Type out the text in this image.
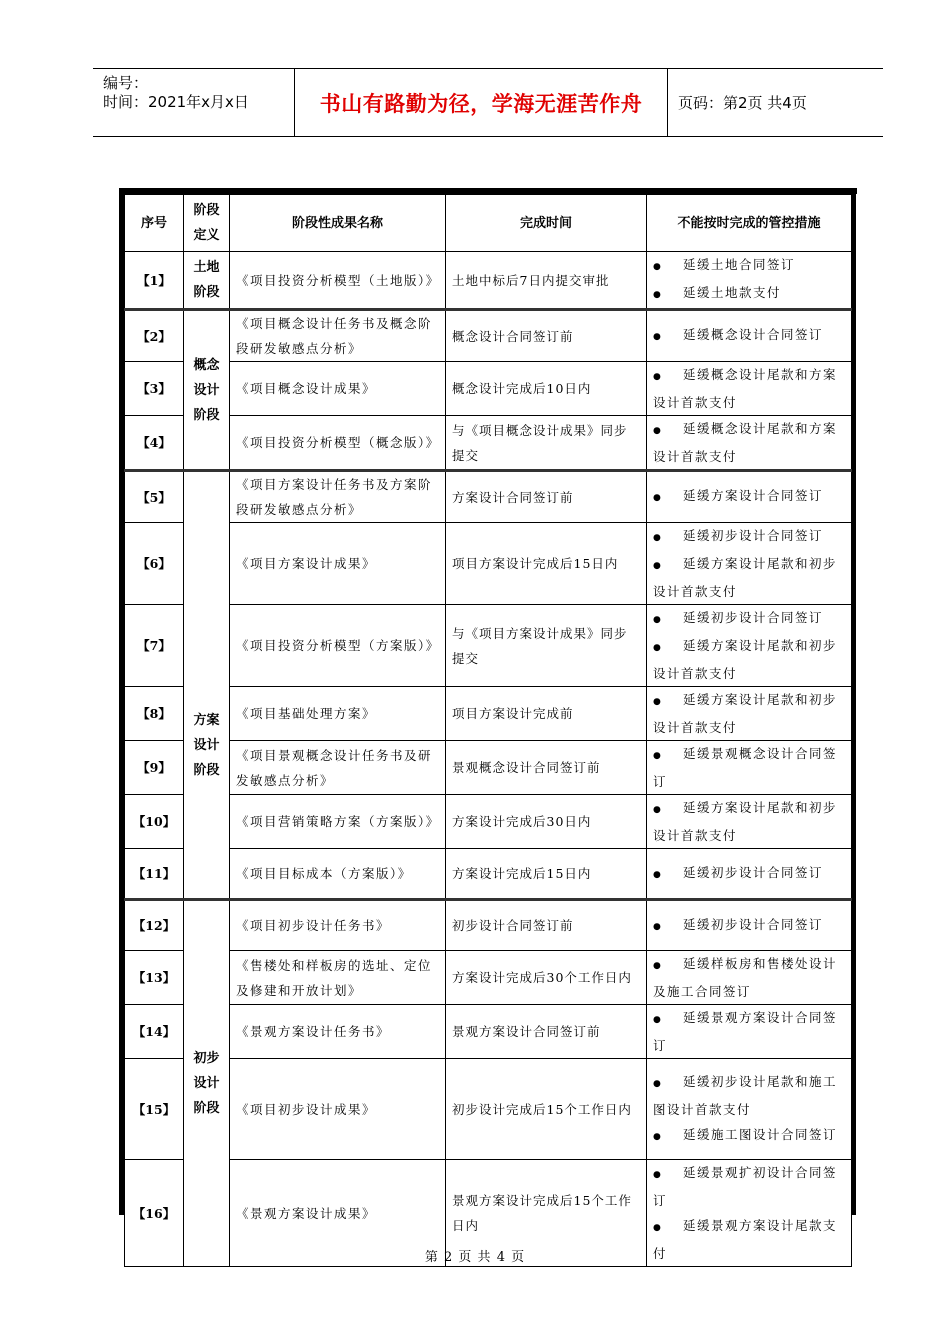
编号：
时间：2021年x月x日	书山有路勤为径，学海无涯苦作舟	页码：第2页 共4页
序号	阶段定义	阶段性成果名称	完成时间	不能按时完成的管控措施
【1】	土地阶段	《项目投资分析模型（土地版）》	土地中标后7日内提交审批	● 延缓土地合同签订
● 延缓土地款支付

【2】	概念设计阶段	《项目概念设计任务书及概念阶段研发敏感点分析》	概念设计合同签订前	● 延缓概念设计合同签订

【3】		《项目概念设计成果》	概念设计完成后10日内	● 延缓概念设计尾款和方案设计首款支付

【4】		《项目投资分析模型（概念版）》	与《项目概念设计成果》同步提交	● 延缓概念设计尾款和方案设计首款支付

【5】	方案设计阶段	《项目方案设计任务书及方案阶段研发敏感点分析》	方案设计合同签订前	● 延缓方案设计合同签订

【6】		《项目方案设计成果》	项目方案设计完成后15日内	● 延缓初步设计合同签订
● 延缓方案设计尾款和初步设计首款支付

【7】		《项目投资分析模型（方案版）》	与《项目方案设计成果》同步提交	● 延缓初步设计合同签订
● 延缓方案设计尾款和初步设计首款支付

【8】		《项目基础处理方案》	项目方案设计完成前	● 延缓方案设计尾款和初步设计首款支付

【9】		《项目景观概念设计任务书及研发敏感点分析》	景观概念设计合同签订前	● 延缓景观概念设计合同签订

【10】		《项目营销策略方案（方案版）》	方案设计完成后30日内	● 延缓方案设计尾款和初步设计首款支付

【11】		《项目目标成本（方案版）》	方案设计完成后15日内	● 延缓初步设计合同签订

【12】	初步设计阶段	《项目初步设计任务书》	初步设计合同签订前	● 延缓初步设计合同签订

【13】		《售楼处和样板房的选址、定位及修建和开放计划》	方案设计完成后30个工作日内	● 延缓样板房和售楼处设计及施工合同签订

【14】		《景观方案设计任务书》	景观方案设计合同签订前	● 延缓景观方案设计合同签订

【15】		《项目初步设计成果》	初步设计完成后15个工作日内	● 延缓初步设计尾款和施工图设计首款支付
● 延缓施工图设计合同签订

【16】		《景观方案设计成果》	景观方案设计完成后15个工作日内	● 延缓景观扩初设计合同签订
● 延缓景观方案设计尾款支付
第 2 页 共 4 页
